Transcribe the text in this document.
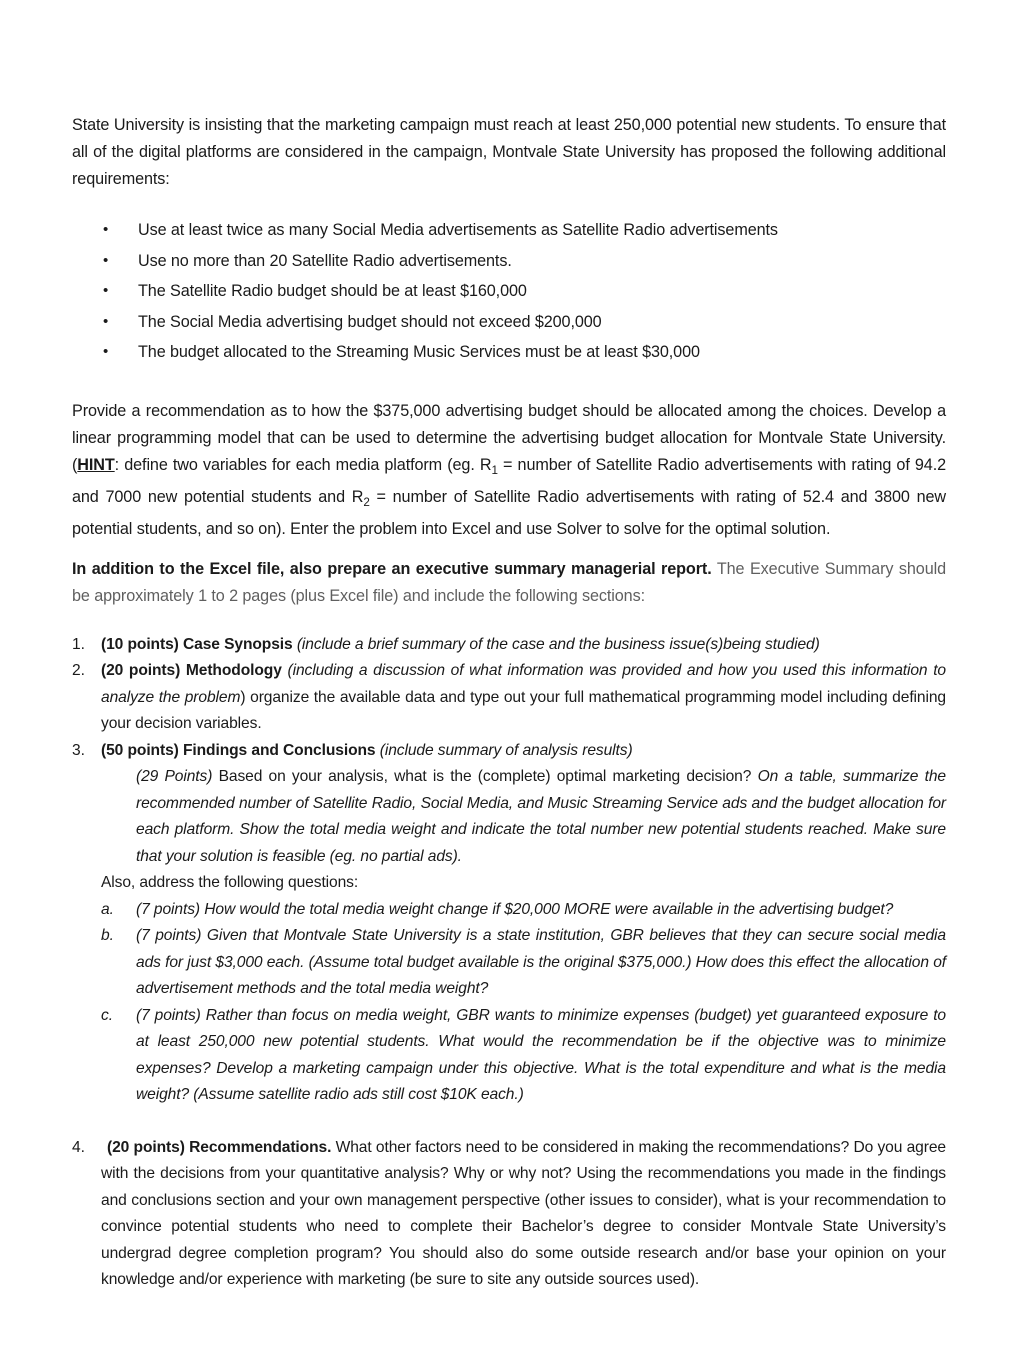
State University is insisting that the marketing campaign must reach at least 250,000 potential new students. To ensure that all of the digital platforms are considered in the campaign, Montvale State University has proposed the following additional requirements:

• Use at least twice as many Social Media advertisements as Satellite Radio advertisements
• Use no more than 20 Satellite Radio advertisements.
• The Satellite Radio budget should be at least $160,000
• The Social Media advertising budget should not exceed $200,000
• The budget allocated to the Streaming Music Services must be at least $30,000

Provide a recommendation as to how the $375,000 advertising budget should be allocated among the choices. Develop a linear programming model that can be used to determine the advertising budget allocation for Montvale State University. (HINT: define two variables for each media platform (eg. $R_1$ = number of Satellite Radio advertisements with rating of 94.2 and 7000 new potential students and $R_2$ = number of Satellite Radio advertisements with rating of 52.4 and 3800 new potential students, and so on). Enter the problem into Excel and use Solver to solve for the optimal solution.

In addition to the Excel file, also prepare an executive summary managerial report. The Executive Summary should be approximately 1 to 2 pages (plus Excel file) and include the following sections:

1.	(10 points) Case Synopsis (include a brief summary of the case and the business issue(s)being studied)
2.	(20 points) Methodology (including a discussion of what information was provided and how you used this information to analyze the problem) organize the available data and type out your full mathematical programming model including defining your decision variables.
3.	(50 points) Findings and Conclusions (include summary of analysis results)
(29 Points) Based on your analysis, what is the (complete) optimal marketing decision? On a table, summarize the recommended number of Satellite Radio, Social Media, and Music Streaming Service ads and the budget allocation for each platform. Show the total media weight and indicate the total number new potential students reached. Make sure that your solution is feasible (eg. no partial ads).
Also, address the following questions:
a.	(7 points) How would the total media weight change if $20,000 MORE were available in the advertising budget?
b.	(7 points) Given that Montvale State University is a state institution, GBR believes that they can secure social media ads for just $3,000 each. (Assume total budget available is the original $375,000.) How does this effect the allocation of advertisement methods and the total media weight?
c.	(7 points) Rather than focus on media weight, GBR wants to minimize expenses (budget) yet guaranteed exposure to at least 250,000 new potential students. What would the recommendation be if the objective was to minimize expenses? Develop a marketing campaign under this objective. What is the total expenditure and what is the media weight? (Assume satellite radio ads still cost $10K each.)
4.	(20 points) Recommendations. What other factors need to be considered in making the recommendations? Do you agree with the decisions from your quantitative analysis? Why or why not? Using the recommendations you made in the findings and conclusions section and your own management perspective (other issues to consider), what is your recommendation to convince potential students who need to complete their Bachelor’s degree to consider Montvale State University’s undergrad degree completion program? You should also do some outside research and/or base your opinion on your knowledge and/or experience with marketing (be sure to site any outside sources used).
